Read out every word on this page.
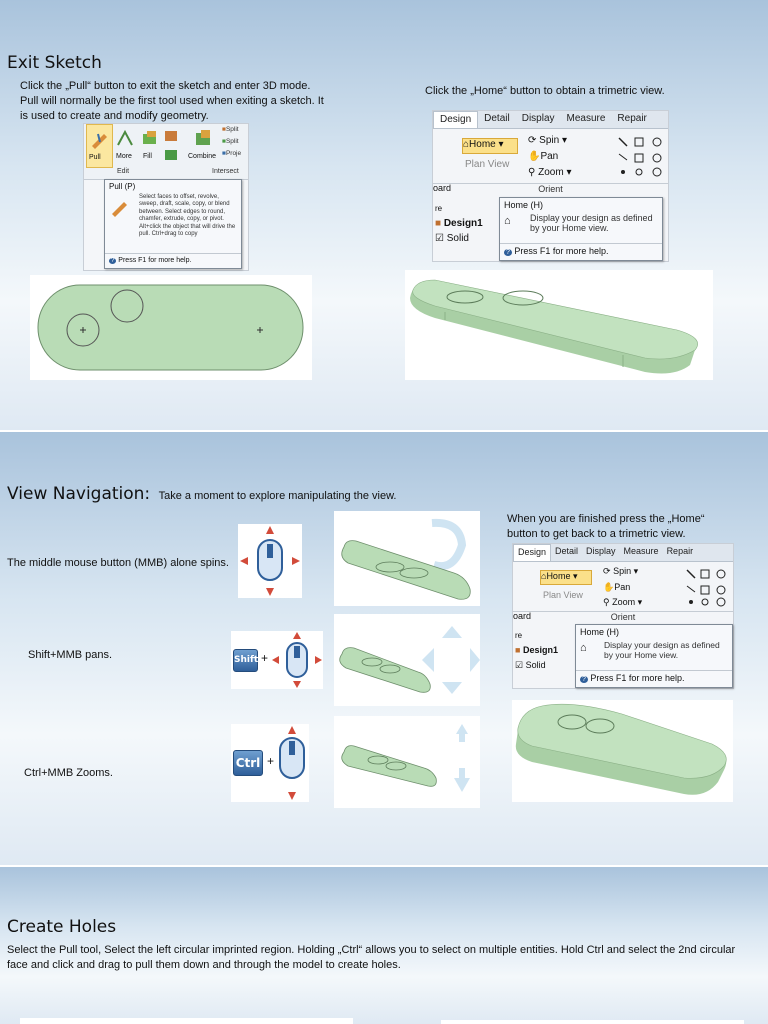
Exit Sketch
Click the „Pull“ button to exit the sketch and enter 3D mode. Pull will normally be the first tool used when exiting a sketch. It is used to create and modify geometry.
Click the „Home“ button to obtain a trimetric view.
Pull More Fill	Combine
■Split
■Split
■Proje
Edit	Intersect
Pull (P)
Select faces to offset, revolve, sweep, draft, scale, copy, or blend between. Select edges to round, chamfer, extrude, copy, or pivot. Alt+click the object that will drive the pull. Ctrl+drag to copy
? Press F1 for more help.
Design	Detail	Display	Measure	Repair
⌂Home ▾
Plan View
⟳ Spin ▾
✋Pan
⚲ Zoom ▾
Orient
oard
re
■ Design1
☑ Solid
Home (H)
⌂ Display your design as defined by your Home view.
? Press F1 for more help.
View Navigation: Take a moment to explore manipulating the view.
When you are finished press the „Home“ button to get back to a trimetric view.
The middle mouse button (MMB) alone spins.
Shift+MMB pans.
Ctrl+MMB Zooms.
Shift +
Ctrl +
Design	Detail Display Measure Repair
⌂Home ▾
Plan View
⟳ Spin ▾
✋Pan
⚲ Zoom ▾
Orient
oard
re
■ Design1
☑ Solid
Home (H)
⌂ Display your design as defined by your Home view.
? Press F1 for more help.
Create Holes
Select the Pull tool, Select the left circular imprinted region. Holding „Ctrl“ allows you to select on multiple entities. Hold Ctrl and select the 2nd circular face and click and drag to pull them down and through the model to create holes.
